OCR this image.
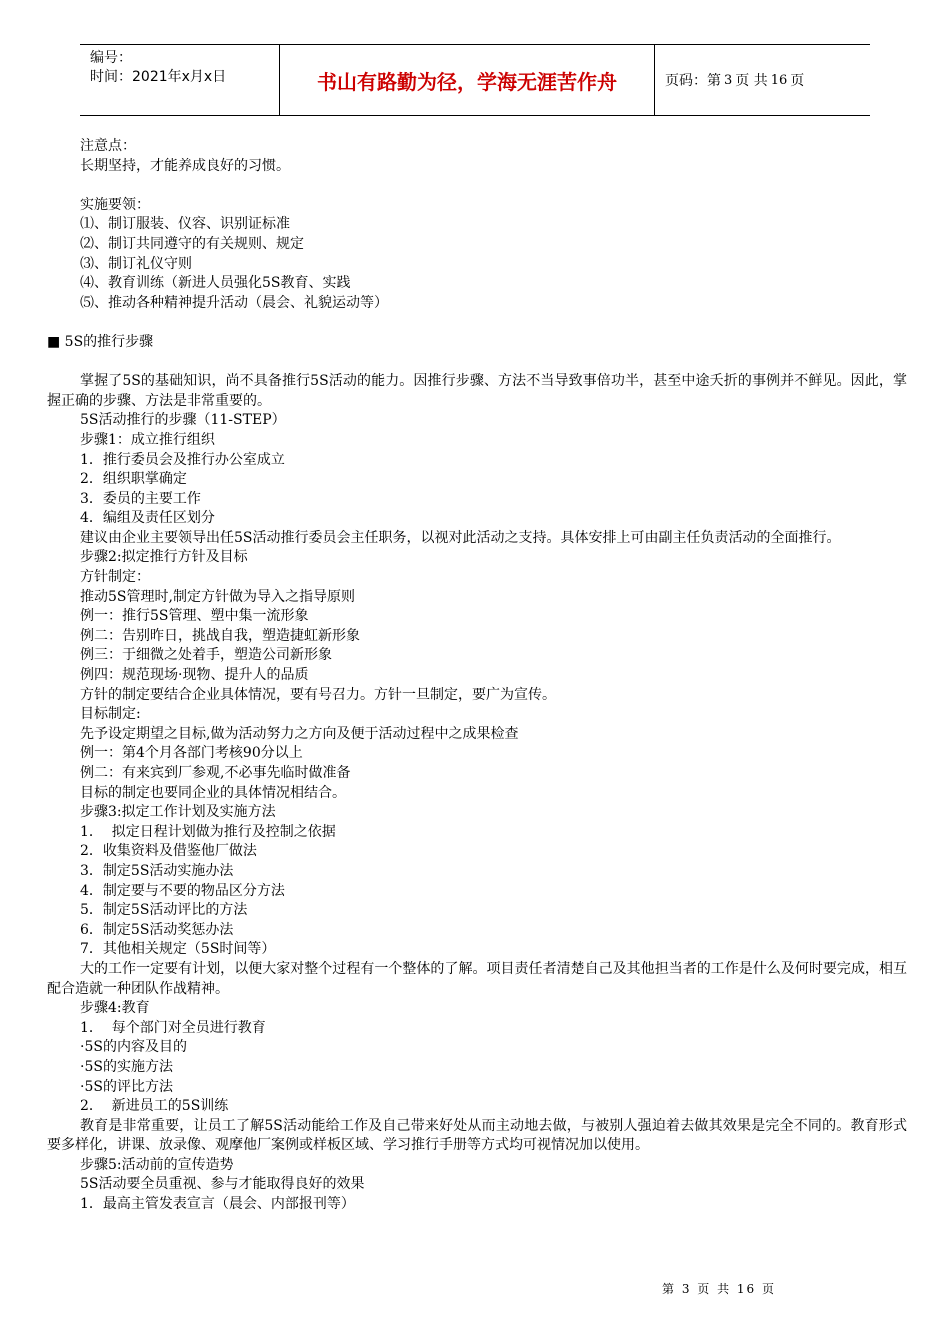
编号：
时间：2021年x月x日	书山有路勤为径，学海无涯苦作舟	页码：第 3 页 共 16 页

注意点：

长期坚持，才能养成良好的习惯。

实施要领：

⑴、制订服装、仪容、识别证标准

⑵、制订共同遵守的有关规则、规定

⑶、制订礼仪守则

⑷、教育训练（新进人员强化5S教育、实践

⑸、推动各种精神提升活动（晨会、礼貌运动等）

■ 5S的推行步骤

掌握了5S的基础知识，尚不具备推行5S活动的能力。因推行步骤、方法不当导致事倍功半，甚至中途夭折的事例并不鲜见。因此，掌握正确的步骤、方法是非常重要的。

5S活动推行的步骤（11-STEP）

步骤1：成立推行组织

1．推行委员会及推行办公室成立

2．组织职掌确定

3．委员的主要工作

4．编组及责任区划分

建议由企业主要领导出任5S活动推行委员会主任职务，以视对此活动之支持。具体安排上可由副主任负责活动的全面推行。

步骤2:拟定推行方针及目标

方针制定：

推动5S管理时,制定方针做为导入之指导原则

例一：推行5S管理、塑中集一流形象

例二：告别昨日，挑战自我，塑造捷虹新形象

例三：于细微之处着手，塑造公司新形象

例四：规范现场·现物、提升人的品质

方针的制定要结合企业具体情况，要有号召力。方针一旦制定，要广为宣传。

目标制定:

先予设定期望之目标,做为活动努力之方向及便于活动过程中之成果检查

例一：第4个月各部门考核90分以上

例二：有来宾到厂参观,不必事先临时做准备

目标的制定也要同企业的具体情况相结合。

步骤3:拟定工作计划及实施方法

1．  拟定日程计划做为推行及控制之依据

2．收集资料及借鉴他厂做法

3．制定5S活动实施办法

4．制定要与不要的物品区分方法

5．制定5S活动评比的方法

6．制定5S活动奖惩办法

7．其他相关规定（5S时间等）

大的工作一定要有计划，以便大家对整个过程有一个整体的了解。项目责任者清楚自己及其他担当者的工作是什么及何时要完成，相互配合造就一种团队作战精神。

步骤4:教育

1．  每个部门对全员进行教育

·5S的内容及目的

·5S的实施方法

·5S的评比方法

2．  新进员工的5S训练

教育是非常重要，让员工了解5S活动能给工作及自己带来好处从而主动地去做，与被别人强迫着去做其效果是完全不同的。教育形式要多样化，讲课、放录像、观摩他厂案例或样板区域、学习推行手册等方式均可视情况加以使用。

步骤5:活动前的宣传造势

5S活动要全员重视、参与才能取得良好的效果

1．最高主管发表宣言（晨会、内部报刊等）

第 3 页 共 16 页
